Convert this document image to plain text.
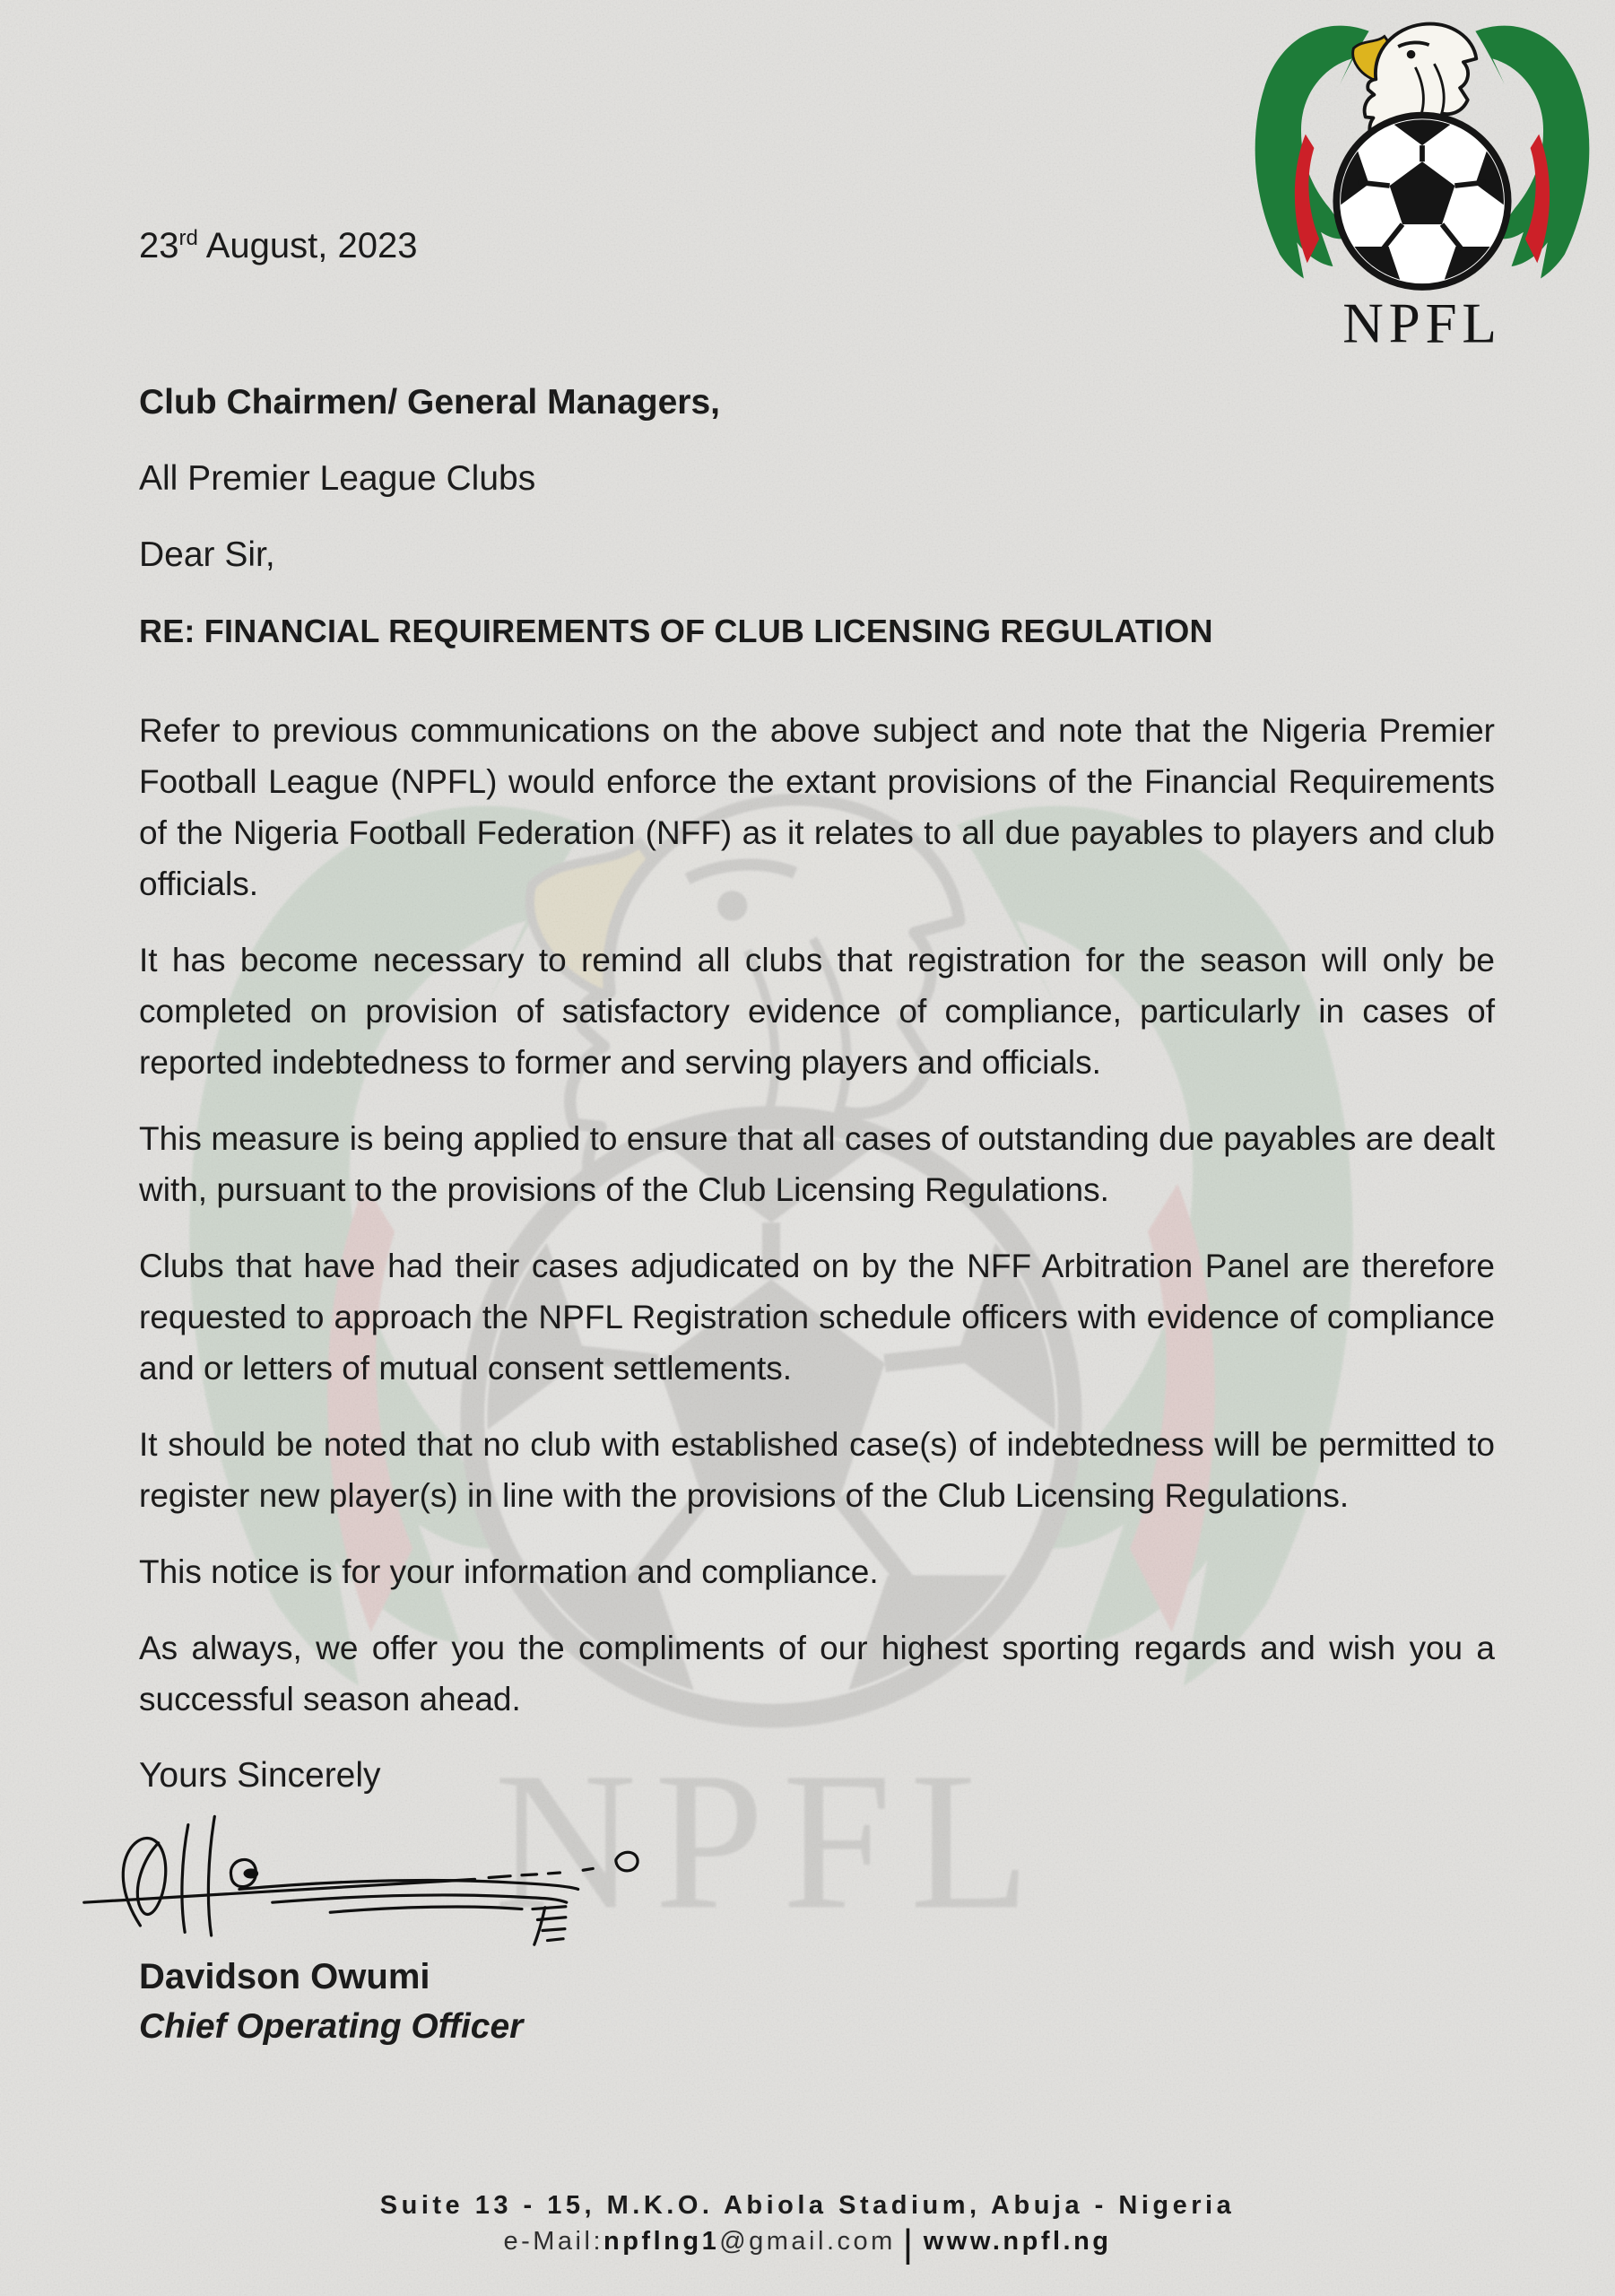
23rd August, 2023
Club Chairmen/ General Managers,
All Premier League Clubs
Dear Sir,
RE: FINANCIAL REQUIREMENTS OF CLUB LICENSING REGULATION

Refer to previous communications on the above subject and note that the Nigeria Premier Football League (NPFL) would enforce the extant provisions of the Financial Requirements of the Nigeria Football Federation (NFF) as it relates to all due payables to players and club officials.

It has become necessary to remind all clubs that registration for the season will only be completed on provision of satisfactory evidence of compliance, particularly in cases of reported indebtedness to former and serving players and officials.

This measure is being applied to ensure that all cases of outstanding due payables are dealt with, pursuant to the provisions of the Club Licensing Regulations.

Clubs that have had their cases adjudicated on by the NFF Arbitration Panel are therefore requested to approach the NPFL Registration schedule officers with evidence of compliance and or letters of mutual consent settlements.

It should be noted that no club with established case(s) of indebtedness will be permitted to register new player(s) in line with the provisions of the Club Licensing Regulations.

This notice is for your information and compliance.

As always, we offer you the compliments of our highest sporting regards and wish you a successful season ahead.

Yours Sincerely
Davidson Owumi
Chief Operating Officer
Suite 13 - 15, M.K.O. Abiola Stadium, Abuja - Nigeria
e-Mail:npflng1@gmail.com | www.npfl.ng
